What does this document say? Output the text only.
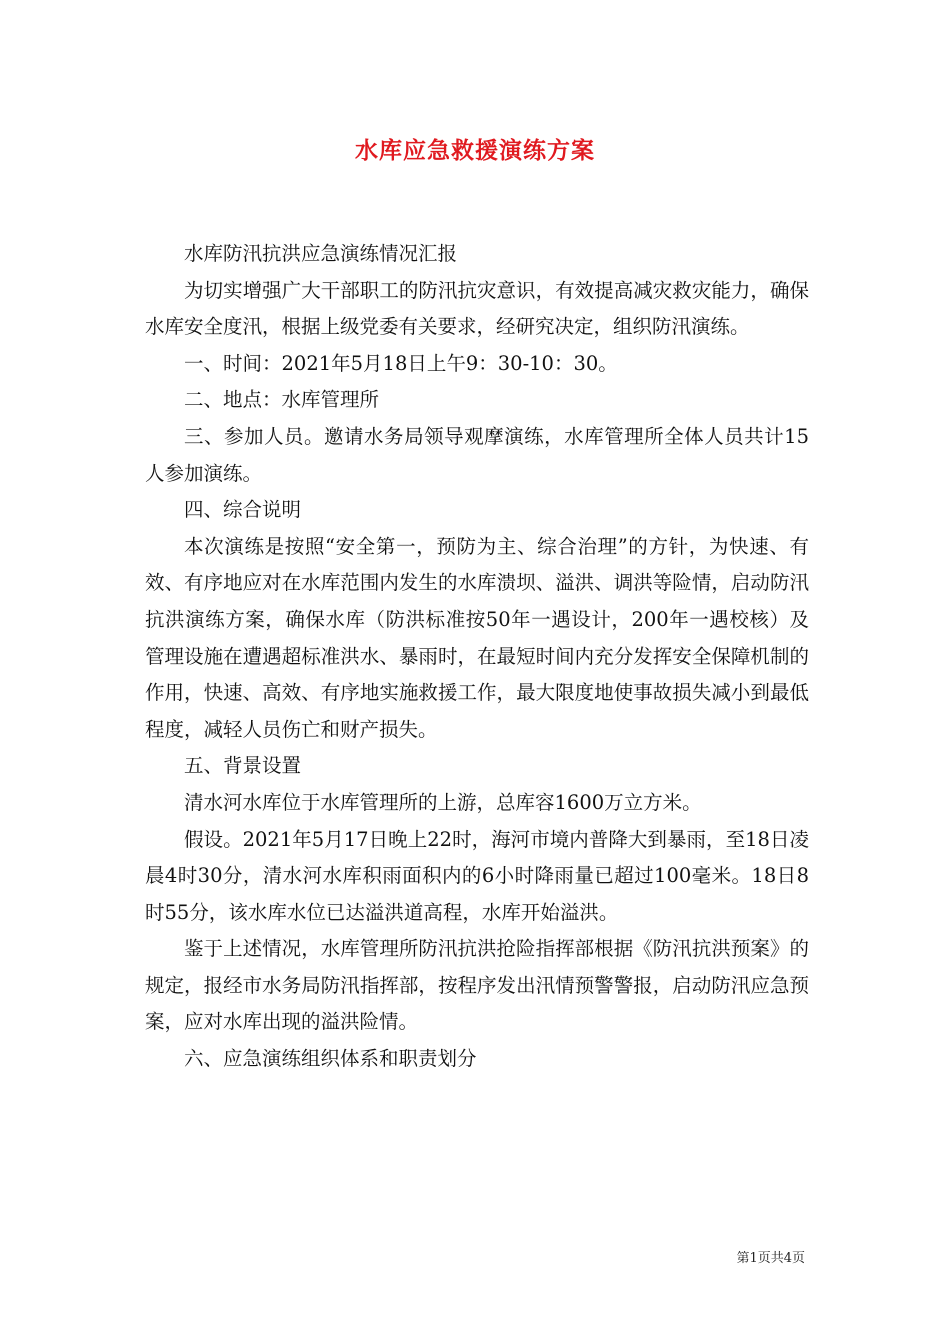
水库应急救援演练方案

水库防汛抗洪应急演练情况汇报

为切实增强广大干部职工的防汛抗灾意识，有效提高减灾救灾能力，确保水库安全度汛，根据上级党委有关要求，经研究决定，组织防汛演练。

一、时间：2021年5月18日上午9：30-10：30。

二、地点：水库管理所

三、参加人员。邀请水务局领导观摩演练，水库管理所全体人员共计15人参加演练。

四、综合说明

本次演练是按照“安全第一，预防为主、综合治理”的方针，为快速、有效、有序地应对在水库范围内发生的水库溃坝、溢洪、调洪等险情，启动防汛抗洪演练方案，确保水库（防洪标准按50年一遇设计，200年一遇校核）及管理设施在遭遇超标准洪水、暴雨时，在最短时间内充分发挥安全保障机制的作用，快速、高效、有序地实施救援工作，最大限度地使事故损失减小到最低程度，减轻人员伤亡和财产损失。

五、背景设置

清水河水库位于水库管理所的上游，总库容1600万立方米。

假设。2021年5月17日晚上22时，海河市境内普降大到暴雨，至18日凌晨4时30分，清水河水库积雨面积内的6小时降雨量已超过100毫米。18日8时55分，该水库水位已达溢洪道高程，水库开始溢洪。

鉴于上述情况，水库管理所防汛抗洪抢险指挥部根据《防汛抗洪预案》的规定，报经市水务局防汛指挥部，按程序发出汛情预警警报，启动防汛应急预案，应对水库出现的溢洪险情。

六、应急演练组织体系和职责划分

第1页共4页
